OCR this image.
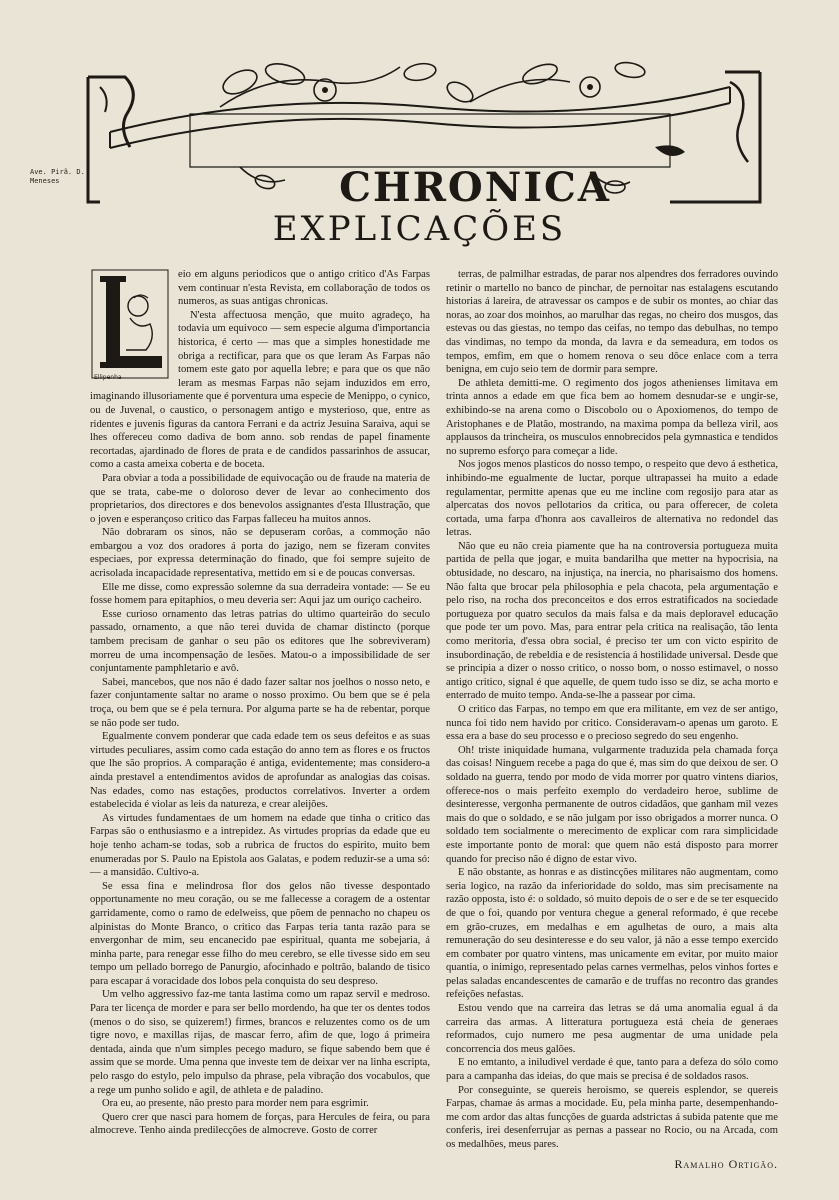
CHRONICA
Ave. Pirã. D. Meneses
EXPLICAÇÕES
Ellipenha

eio em alguns periodicos que o antigo critico d'As Farpas vem continuar n'esta Revista, em collaboração de todos os numeros, as suas antigas chronicas.

N'esta affectuosa menção, que muito agradeço, ha todavia um equivoco — sem especie alguma d'importancia historica, é certo — mas que a simples honestidade me obriga a rectificar, para que os que leram As Farpas não tomem este gato por aquella lebre; e para que os que não leram as mesmas Farpas não sejam induzidos em erro, imaginando illusoriamente que é porventura uma especie de Menippo, o cynico, ou de Juvenal, o caustico, o personagem antigo e mysterioso, que, entre as ridentes e juvenis figuras da cantora Ferrani e da actriz Jesuina Saraiva, aqui se lhes offereceu como dadiva de bom anno. sob rendas de papel finamente recortadas, ajardinado de flores de prata e de candidos passarinhos de assucar, como a casta ameixa coberta e de boceta.

Para obviar a toda a possibilidade de equivocação ou de fraude na materia de que se trata, cabe-me o doloroso dever de levar ao conhecimento dos proprietarios, dos directores e dos benevolos assignantes d'esta Illustração, que o joven e esperançoso critico das Farpas falleceu ha muitos annos.

Não dobraram os sinos, não se depuseram corôas, a commoção não embargou a voz dos oradores á porta do jazigo, nem se fizeram convites especiaes, por expressa determinação do finado, que foi sempre sujeito de acrisolada incapacidade representativa, mettido em si e de poucas conversas.

Elle me disse, como expressão solemne da sua derradeira vontade: — Se eu fosse homem para epitaphios, o meu deveria ser: Aqui jaz um ouriço cacheiro.

Esse curioso ornamento das letras patrias do ultimo quarteirão do seculo passado, ornamento, a que não terei duvida de chamar distincto (porque tambem precisam de ganhar o seu pão os editores que lhe sobreviveram) morreu de uma incompensação de lesões. Matou-o a impossibilidade de ser conjuntamente pamphletario e avô.

Sabei, mancebos, que nos não é dado fazer saltar nos joelhos o nosso neto, e fazer conjuntamente saltar no arame o nosso proximo. Ou bem que se é pela troça, ou bem que se é pela ternura. Por alguma parte se ha de rebentar, porque se não pode ser tudo.

Egualmente convem ponderar que cada edade tem os seus defeitos e as suas virtudes peculiares, assim como cada estação do anno tem as flores e os fructos que lhe são proprios. A comparação é antiga, evidentemente; mas considero-a ainda prestavel a entendimentos avidos de aprofundar as analogias das coisas. Nas edades, como nas estações, productos correlativos. Inverter a ordem estabelecida é violar as leis da natureza, e crear aleijões.

As virtudes fundamentaes de um homem na edade que tinha o critico das Farpas são o enthusiasmo e a intrepidez. As virtudes proprias da edade que eu hoje tenho acham-se todas, sob a rubrica de fructos do espirito, muito bem enumeradas por S. Paulo na Epistola aos Galatas, e podem reduzir-se a uma só: — a mansidão. Cultivo-a.

Se essa fina e melindrosa flor dos gelos não tivesse despontado opportunamente no meu coração, ou se me fallecesse a coragem de a ostentar garridamente, como o ramo de edelweiss, que põem de pennacho no chapeu os alpinistas do Monte Branco, o critico das Farpas teria tanta razão para se envergonhar de mim, seu encanecido pae espiritual, quanta me sobejaria, á minha parte, para renegar esse filho do meu cerebro, se elle tivesse sido em seu tempo um pellado borrego de Panurgio, afocinhado e poltrão, balando de tisico para escapar á voracidade dos lobos pela conquista do seu despreso.

Um velho aggressivo faz-me tanta lastima como um rapaz servil e medroso. Para ter licença de morder e para ser bello mordendo, ha que ter os dentes todos (menos o do siso, se quizerem!) firmes, brancos e reluzentes como os de um tigre novo, e maxillas rijas, de mascar ferro, afim de que, logo á primeira dentada, ainda que n'um simples pecego maduro, se fique sabendo bem que é assim que se morde. Uma penna que investe tem de deixar ver na linha escripta, pelo rasgo do estylo, pelo impulso da phrase, pela vibração dos vocabulos, que a rege um punho solido e agil, de athleta e de paladino.

Ora eu, ao presente, não presto para morder nem para esgrimir.

Quero crer que nasci para homem de forças, para Hercules de feira, ou para almocreve. Tenho ainda predilecções de almocreve. Gosto de correr

terras, de palmilhar estradas, de parar nos alpendres dos ferradores ouvindo retinir o martello no banco de pinchar, de pernoitar nas estalagens escutando historias á lareira, de atravessar os campos e de subir os montes, ao chiar das noras, ao zoar dos moinhos, ao marulhar das regas, no cheiro dos musgos, das estevas ou das giestas, no tempo das ceifas, no tempo das debulhas, no tempo das vindimas, no tempo da monda, da lavra e da semeadura, em todos os tempos, emfim, em que o homem renova o seu dôce enlace com a terra benigna, em cujo seio tem de dormir para sempre.

De athleta demitti-me. O regimento dos jogos athenienses limitava em trinta annos a edade em que fica bem ao homem desnudar-se e ungir-se, exhibindo-se na arena como o Discobolo ou o Apoxiomenos, do tempo de Aristophanes e de Platão, mostrando, na maxima pompa da belleza viril, aos applausos da trincheira, os musculos ennobrecidos pela gymnastica e tendidos no supremo esforço para começar a lide.

Nos jogos menos plasticos do nosso tempo, o respeito que devo á esthetica, inhibindo-me egualmente de luctar, porque ultrapassei ha muito a edade regulamentar, permitte apenas que eu me incline com regosijo para atar as alpercatas dos novos pellotarios da critica, ou para offerecer, de coleta cortada, uma farpa d'honra aos cavalleiros de alternativa no redondel das letras.

Não que eu não creia piamente que ha na controversia portugueza muita partida de pella que jogar, e muita bandarilha que metter na hypocrisia, na obtusidade, no descaro, na injustiça, na inercia, no pharisaismo dos homens. Não falta que brocar pela philosophia e pela chacota, pela argumentação e pelo riso, na rocha dos preconceitos e dos erros estratificados na sociedade portugueza por quatro seculos da mais falsa e da mais deploravel educação que pode ter um povo. Mas, para entrar pela critica na realisação, tão lenta como meritoria, d'essa obra social, é preciso ter um con victo espirito de insubordinação, de rebeldia e de resistencia á hostilidade universal. Desde que se principia a dizer o nosso critico, o nosso bom, o nosso estimavel, o nosso antigo critico, signal é que aquelle, de quem tudo isso se diz, se acha morto e enterrado de muito tempo. Anda-se-lhe a passear por cima.

O critico das Farpas, no tempo em que era militante, em vez de ser antigo, nunca foi tido nem havido por critico. Consideravam-o apenas um garoto. E essa era a base do seu processo e o precioso segredo do seu engenho.

Oh! triste iniquidade humana, vulgarmente traduzida pela chamada força das coisas! Ninguem recebe a paga do que é, mas sim do que deixou de ser. O soldado na guerra, tendo por modo de vida morrer por quatro vintens diarios, offerece-nos o mais perfeito exemplo do verdadeiro heroe, sublime de desinteresse, vergonha permanente de outros cidadãos, que ganham mil vezes mais do que o soldado, e se não julgam por isso obrigados a morrer nunca. O soldado tem socialmente o merecimento de explicar com rara simplicidade este importante ponto de moral: que quem não está disposto para morrer quando for preciso não é digno de estar vivo.

E não obstante, as honras e as distincções militares não augmentam, como seria logico, na razão da inferioridade do soldo, mas sim precisamente na razão opposta, isto é: o soldado, só muito depois de o ser e de se ter esquecido de que o foi, quando por ventura chegue a general reformado, é que recebe em grão-cruzes, em medalhas e em agulhetas de ouro, a mais alta remuneração do seu desinteresse e do seu valor, já não a esse tempo exercido em combater por quatro vintens, mas unicamente em evitar, por muito maior quantia, o inimigo, representado pelas carnes vermelhas, pelos vinhos fortes e pelas saladas encandescentes de camarão e de truffas no recontro das grandes refeições nefastas.

Estou vendo que na carreira das letras se dá uma anomalia egual á da carreira das armas. A litteratura portugueza está cheia de generaes reformados, cujo numero me pesa augmentar de uma unidade pela concorrencia dos meus galões.

E no emtanto, a iniludivel verdade é que, tanto para a defeza do sólo como para a campanha das ideias, do que mais se precisa é de soldados rasos.

Por conseguinte, se quereis heroismo, se quereis esplendor, se quereis Farpas, chamae ás armas a mocidade. Eu, pela minha parte, desempenhando-me com ardor das altas funcções de guarda adstrictas á subida patente que me conferis, irei desenferrujar as pernas a passear no Rocio, ou na Arcada, com os medalhões, meus pares.

Ramalho Ortigão.
